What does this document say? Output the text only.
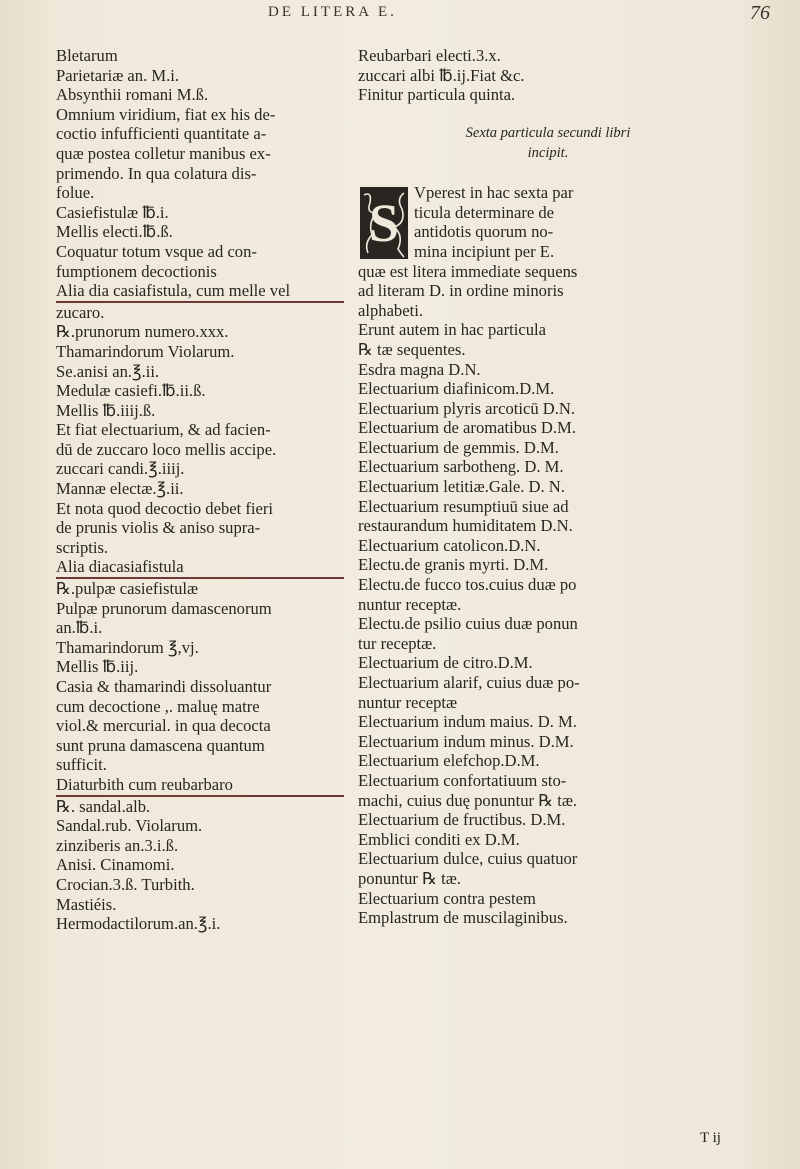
DE LITERA E.	76
Bletarum
Parietariæ an. M.i.
Absynthii romani M.ß.
Omnium viridium, fiat ex his de-
coctio infufficienti quantitate a-
quæ postea colletur manibus ex-
primendo. In qua colatura dis-
folue.
Casiefistulæ ℔.i.
Mellis electi.℔.ß.
Coquatur totum vsque ad con-
fumptionem decoctionis
Alia dia casiafistula, cum melle vel
zucaro.
℞.prunorum numero.xxx.
Thamarindorum Violarum.
Se.anisi an.℥.ii.
Medulæ casiefi.℔.ii.ß.
Mellis ℔.iiij.ß.
Et fiat electuarium, & ad facien-
dū de zuccaro loco mellis accipe.
zuccari candi.℥.iiij.
Mannæ electæ.℥.ii.
Et nota quod decoctio debet fieri
de prunis violis & aniso supra-
scriptis.
Alia diacasiafistula
℞.pulpæ casiefistulæ
Pulpæ prunorum damascenorum
an.℔.i.
Thamarindorum ℥,vj.
Mellis ℔.iij.
Casia & thamarindi dissoluantur
cum decoctione ,. maluę matre
viol.& mercurial. in qua decocta
sunt pruna damascena quantum
sufficit.
Diaturbith cum reubarbaro
℞. sandal.alb.
Sandal.rub. Violarum.
zinziberis an.3.i.ß.
Anisi. Cinamomi.
Crocian.3.ß. Turbith.
Mastiéis.
Hermodactilorum.an.℥.i.
Reubarbari electi.3.x.
zuccari albi ℔.ij.Fiat &c.
Finitur particula quinta.
Sexta particula secundi libri
incipit.
S
Vperest in hac sexta par
ticula determinare de
antidotis quorum no-
mina incipiunt per E.
quæ est litera immediate sequens
ad literam D. in ordine minoris
alphabeti.
Erunt autem in hac particula
℞ tæ sequentes.
Esdra magna D.N.
Electuarium diafinicom.D.M.
Electuarium plyris arcoticū D.N.
Electuarium de aromatibus D.M.
Electuarium de gemmis. D.M.
Electuarium sarbotheng. D. M.
Electuarium letitiæ.Gale. D. N.
Electuarium resumptiuū siue ad
restaurandum humiditatem D.N.
Electuarium catolicon.D.N.
Electu.de granis myrti. D.M.
Electu.de fucco tos.cuius duæ po
nuntur receptæ.
Electu.de psilio cuius duæ ponun
tur receptæ.
Electuarium de citro.D.M.
Electuarium alarif, cuius duæ po-
nuntur receptæ
Electuarium indum maius. D. M.
Electuarium indum minus. D.M.
Electuarium elefchop.D.M.
Electuarium confortatiuum sto-
machi, cuius duę ponuntur ℞ tæ.
Electuarium de fructibus. D.M.
Emblici conditi ex D.M.
Electuarium dulce, cuius quatuor
ponuntur ℞ tæ.
Electuarium contra pestem
Emplastrum de muscilaginibus.
T ij
